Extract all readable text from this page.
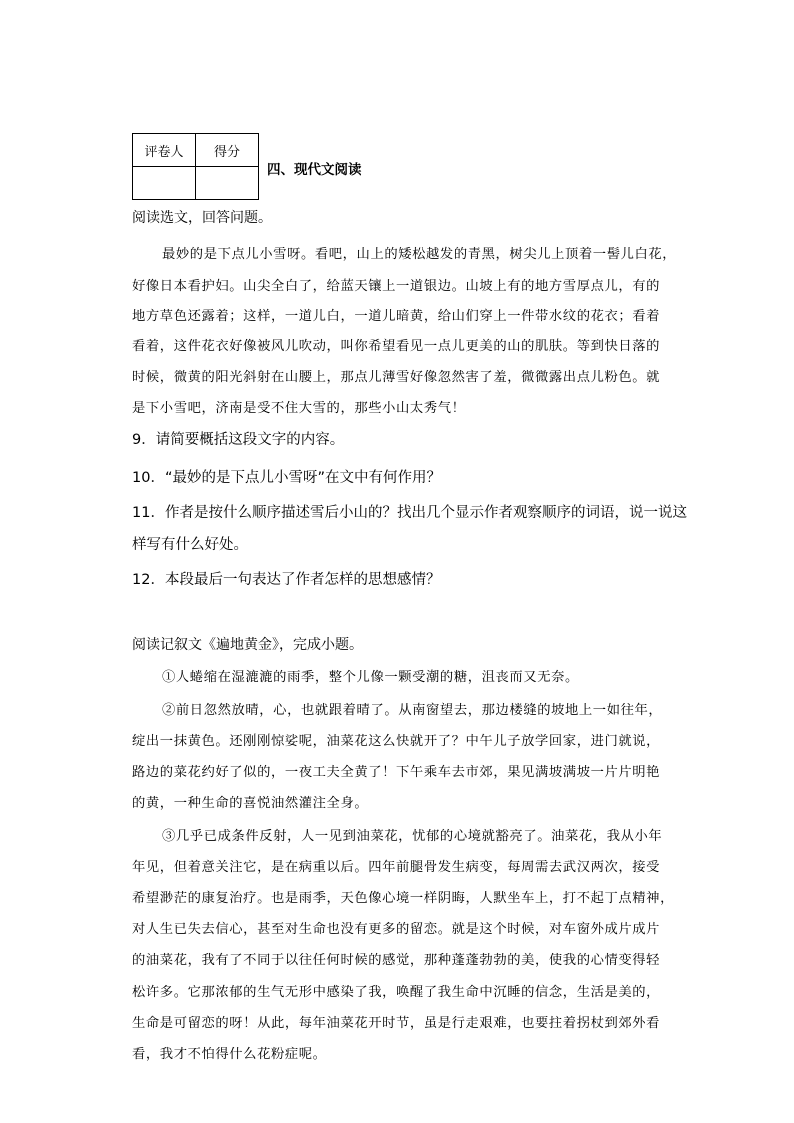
评卷人	得分

四、现代文阅读
阅读选文，回答问题。
最妙的是下点儿小雪呀。看吧，山上的矮松越发的青黑，树尖儿上顶着一髻儿白花，
好像日本看护妇。山尖全白了，给蓝天镶上一道银边。山坡上有的地方雪厚点儿，有的
地方草色还露着；这样，一道儿白，一道儿暗黄，给山们穿上一件带水纹的花衣；看着
看着，这件花衣好像被风儿吹动，叫你希望看见一点儿更美的山的肌肤。等到快日落的
时候，微黄的阳光斜射在山腰上，那点儿薄雪好像忽然害了羞，微微露出点儿粉色。就
是下小雪吧，济南是受不住大雪的，那些小山太秀气！
9．请简要概括这段文字的内容。
10．“最妙的是下点儿小雪呀”在文中有何作用？
11．作者是按什么顺序描述雪后小山的？找出几个显示作者观察顺序的词语，说一说这
样写有什么好处。
12．本段最后一句表达了作者怎样的思想感情？
阅读记叙文《遍地黄金》，完成小题。
①人蜷缩在湿漉漉的雨季，整个儿像一颗受潮的糖，沮丧而又无奈。
②前日忽然放晴，心，也就跟着晴了。从南窗望去，那边楼缝的坡地上一如往年，
绽出一抹黄色。还刚刚惊娑呢，油菜花这么快就开了？中午儿子放学回家，进门就说，
路边的菜花约好了似的，一夜工夫全黄了！下午乘车去市郊，果见满坡满坡一片片明艳
的黄，一种生命的喜悦油然灌注全身。
③几乎已成条件反射，人一见到油菜花，忧郁的心境就豁亮了。油菜花，我从小年
年见，但着意关注它，是在病重以后。四年前腿骨发生病变，每周需去武汉两次，接受
希望渺茫的康复治疗。也是雨季，天色像心境一样阴晦，人默坐车上，打不起丁点精神，
对人生已失去信心，甚至对生命也没有更多的留恋。就是这个时候，对车窗外成片成片
的油菜花，我有了不同于以往任何时候的感觉，那种蓬蓬勃勃的美，使我的心情变得轻
松许多。它那浓郁的生气无形中感染了我，唤醒了我生命中沉睡的信念，生活是美的，
生命是可留恋的呀！从此，每年油菜花开时节，虽是行走艰难，也要拄着拐杖到郊外看
看，我才不怕得什么花粉症呢。
